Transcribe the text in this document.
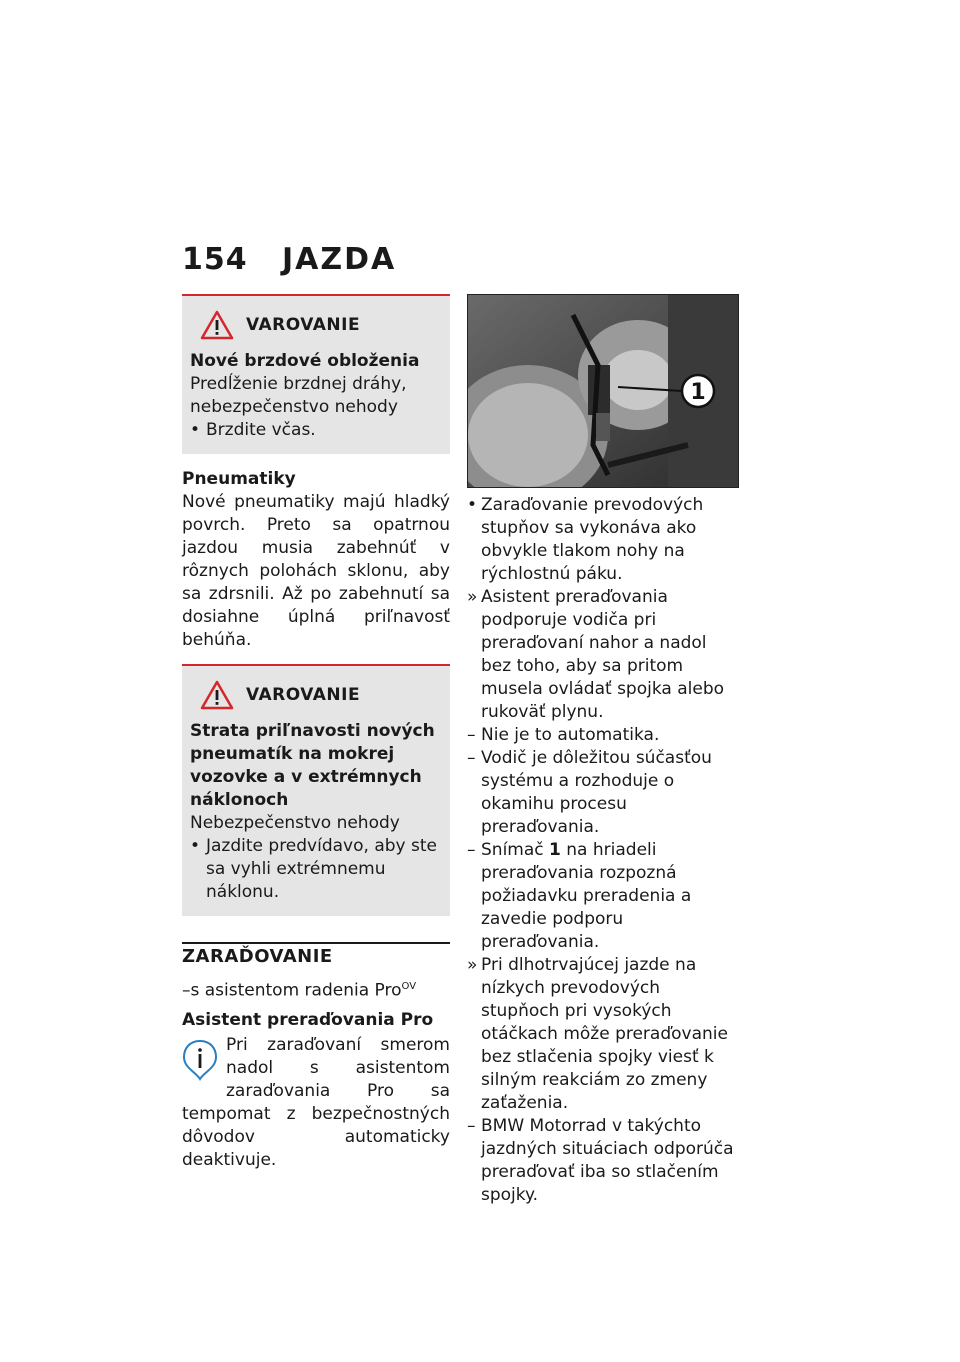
154 JAZDA
VAROVANIE
Nové brzdové obloženia
Predĺženie brzdnej dráhy, nebezpečenstvo nehody
• Brzdite včas.
Pneumatiky
Nové pneumatiky majú hladký povrch. Preto sa opatrnou jazdou musia zabehnúť v rôznych polohách sklonu, aby sa zdrsnili. Až po zabehnutí sa dosiahne úplná priľnavosť behúňa.
VAROVANIE
Strata priľnavosti nových pneumatík na mokrej vozovke a v extrémnych náklonoch
Nebezpečenstvo nehody
• Jazdite predvídavo, aby ste sa vyhli extrémnemu náklonu.
ZARAĎOVANIE
–s asistentom radenia Pro$^{OV}$
Asistent preraďovania Pro
Pri zaraďovaní smerom nadol s asistentom zaraďovania Pro sa tempomat z bezpečnostných dôvodov automaticky deaktivuje.
1
• Zaraďovanie prevodových stupňov sa vykonáva ako obvykle tlakom nohy na rýchlostnú páku.
» Asistent preraďovania podporuje vodiča pri preraďovaní nahor a nadol bez toho, aby sa pritom musela ovládať spojka alebo rukoväť plynu.
– Nie je to automatika.
– Vodič je dôležitou súčasťou systému a rozhoduje o okamihu procesu preraďovania.
– Snímač 1 na hriadeli preraďovania rozpozná požiadavku preradenia a zavedie podporu preraďovania.
» Pri dlhotrvajúcej jazde na nízkych prevodových stupňoch pri vysokých otáčkach môže preraďovanie bez stlačenia spojky viesť k silným reakciám zo zmeny zaťaženia.
– BMW Motorrad v takýchto jazdných situáciach odporúča preraďovať iba so stlačením spojky.
